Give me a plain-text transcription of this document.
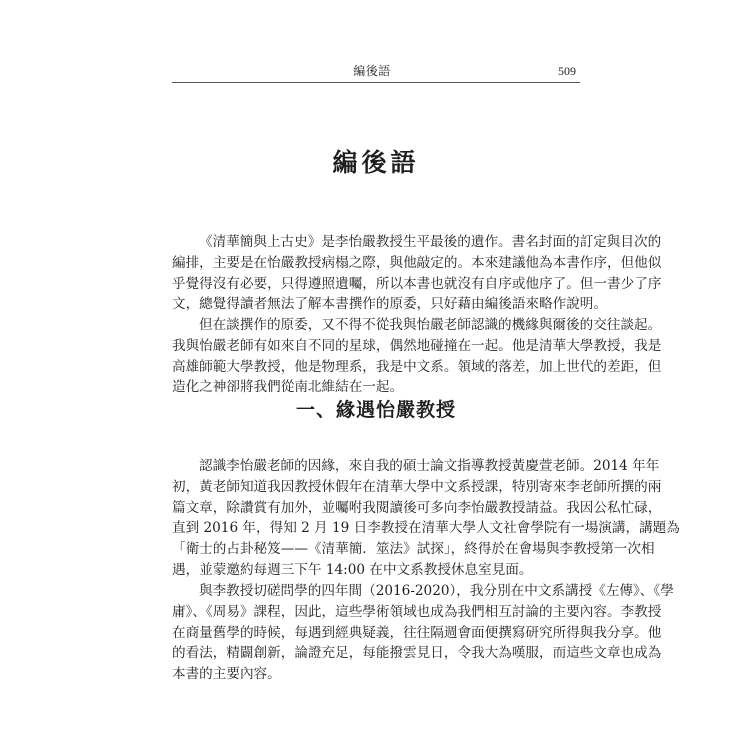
編後語	509
編後語
《清華簡與上古史》是李怡嚴教授生平最後的遺作。書名封面的訂定與目次的
編排，主要是在怡嚴教授病榻之際，與他敲定的。本來建議他為本書作序，但他似
乎覺得沒有必要，只得遵照遺囑，所以本書也就沒有自序或他序了。但一書少了序
文，總覺得讀者無法了解本書撰作的原委，只好藉由編後語來略作說明。
但在談撰作的原委，又不得不從我與怡嚴老師認識的機緣與爾後的交往談起。
我與怡嚴老師有如來自不同的星球，偶然地碰撞在一起。他是清華大學教授，我是
高雄師範大學教授，他是物理系，我是中文系。領域的落差，加上世代的差距，但
造化之神卻將我們從南北維結在一起。
一、緣遇怡嚴教授
認識李怡嚴老師的因緣，來自我的碩士論文指導教授黃慶萱老師。2014 年年
初，黃老師知道我因教授休假年在清華大學中文系授課，特別寄來李老師所撰的兩
篇文章，除讚賞有加外，並囑咐我閱讀後可多向李怡嚴教授請益。我因公私忙碌，
直到 2016 年，得知 2 月 19 日李教授在清華大學人文社會學院有一場演講，講題為
「衛士的占卦秘笈——《清華簡．筮法》試探」，終得於在會場與李教授第一次相
遇，並蒙邀約每週三下午 14:00 在中文系教授休息室見面。
與李教授切磋問學的四年間（2016-2020），我分別在中文系講授《左傳》、《學
庸》、《周易》課程，因此，這些學術領域也成為我們相互討論的主要內容。李教授
在商量舊學的時候，每遇到經典疑義，往往隔週會面便撰寫研究所得與我分享。他
的看法，精闢創新，論證充足，每能撥雲見日，令我大為嘆服，而這些文章也成為
本書的主要內容。
